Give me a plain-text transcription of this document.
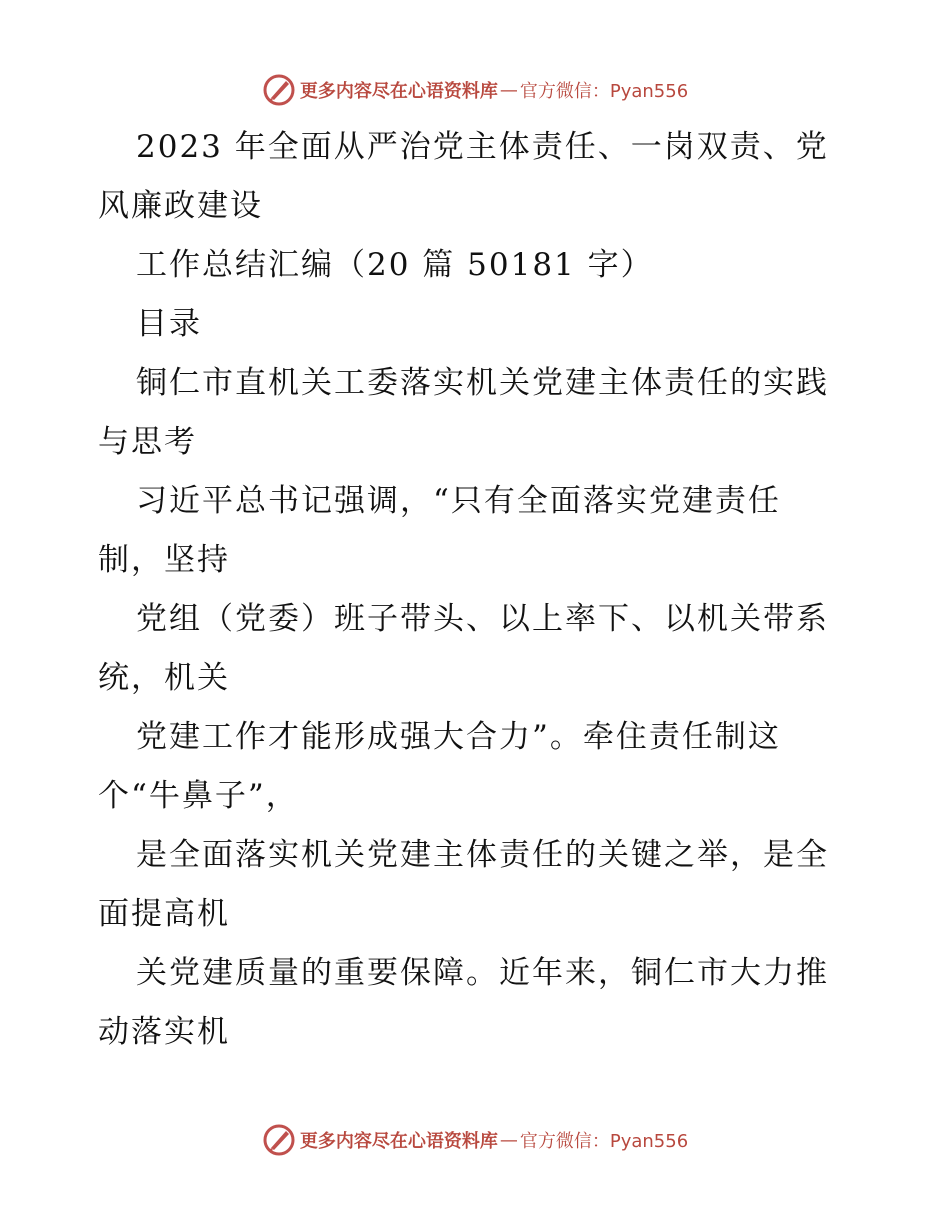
更多内容尽在心语资料库 — 官方微信：Pyan556
2023 年全面从严治党主体责任、一岗双责、党
风廉政建设
工作总结汇编（20 篇 50181 字）
目录
铜仁市直机关工委落实机关党建主体责任的实践
与思考
习近平总书记强调，“只有全面落实党建责任
制，坚持
党组（党委）班子带头、以上率下、以机关带系
统，机关
党建工作才能形成强大合力”。牵住责任制这
个“牛鼻子”，
是全面落实机关党建主体责任的关键之举，是全
面提高机
关党建质量的重要保障。近年来，铜仁市大力推
动落实机
更多内容尽在心语资料库 — 官方微信：Pyan556
